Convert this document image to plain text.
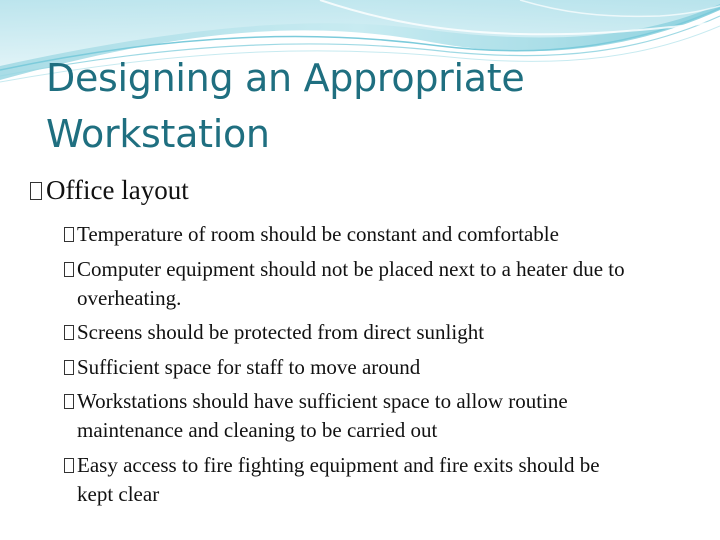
Designing an Appropriate Workstation
Office layout
Temperature of room should be constant and comfortable
Computer equipment should not be placed next to a heater due to overheating.
Screens should be protected from direct sunlight
Sufficient space for staff to move around
Workstations should have sufficient space to allow routine maintenance and cleaning to be carried out
Easy access to fire fighting equipment and fire exits should be kept clear
